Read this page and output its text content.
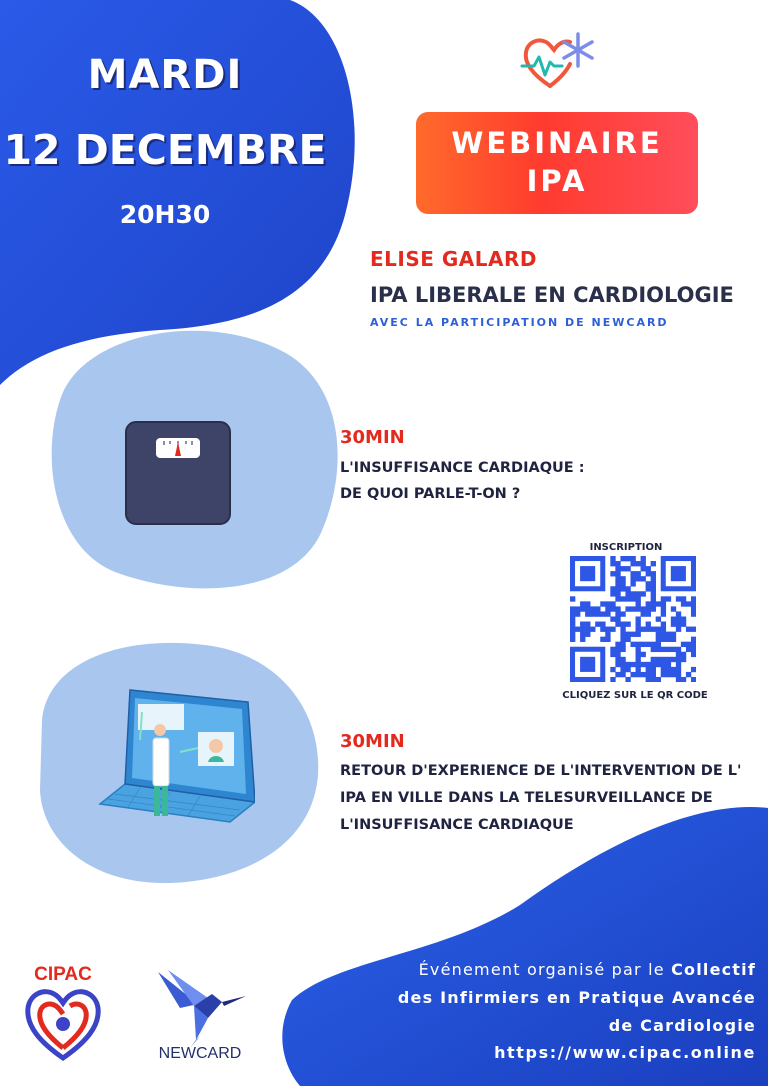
MARDI
12 DECEMBRE
20H30
WEBINAIRE
IPA
ELISE GALARD
IPA LIBERALE EN CARDIOLOGIE
AVEC LA PARTICIPATION DE NEWCARD
30MIN
L'INSUFFISANCE CARDIAQUE :
DE QUOI PARLE-T-ON ?
INSCRIPTION
CLIQUEZ SUR LE QR CODE
30MIN
RETOUR D'EXPERIENCE DE L'INTERVENTION DE L'
IPA EN VILLE DANS LA TELESURVEILLANCE DE
L'INSUFFISANCE CARDIAQUE
CIPAC
NEWCARD
Événement organisé par le Collectif
des Infirmiers en Pratique Avancée
de Cardiologie
https://www.cipac.online
